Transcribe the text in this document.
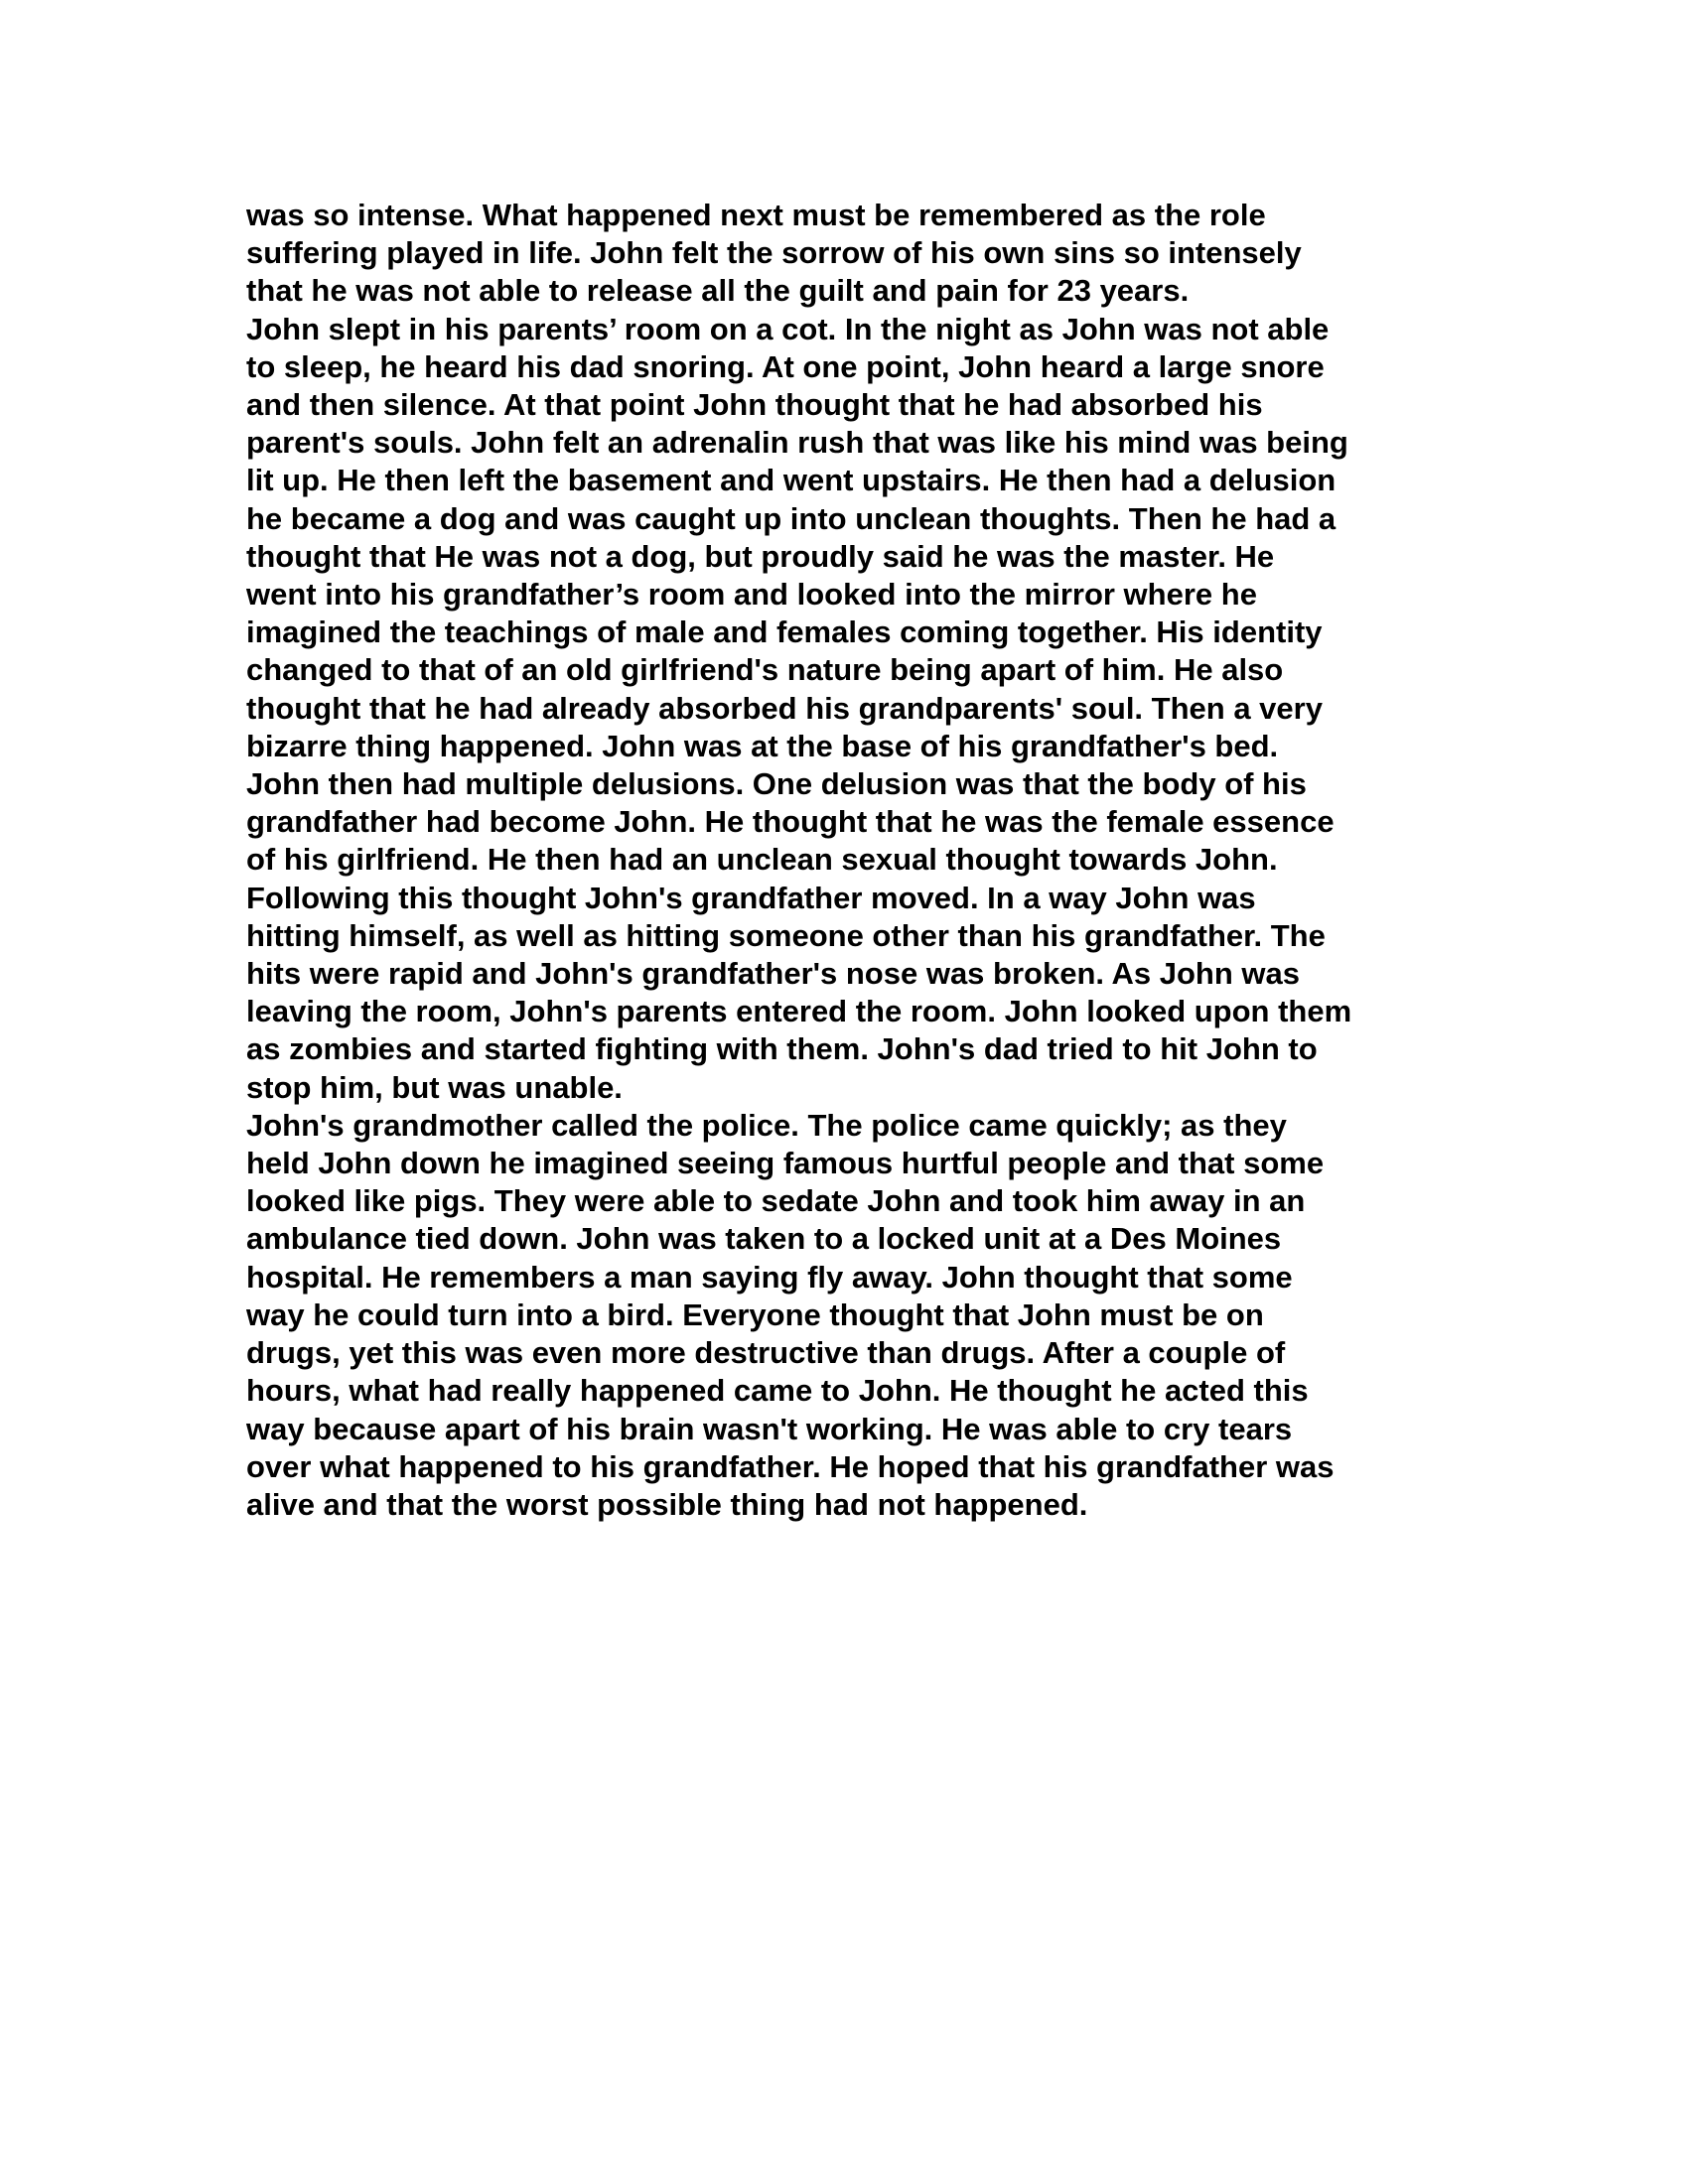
was so intense. What happened next must be remembered as the role
suffering played in life. John felt the sorrow of his own sins so intensely
that he was not able to release all the guilt and pain for 23 years.
John slept in his parents’ room on a cot. In the night as John was not able
to sleep, he heard his dad snoring. At one point, John heard a large snore
and then silence. At that point John thought that he had absorbed his
parent's souls. John felt an adrenalin rush that was like his mind was being
lit up. He then left the basement and went upstairs. He then had a delusion
he became a dog and was caught up into unclean thoughts. Then he had a
thought that He was not a dog, but proudly said he was the master. He
went into his grandfather’s room and looked into the mirror where he
imagined the teachings of male and females coming together. His identity
changed to that of an old girlfriend's nature being apart of him. He also
thought that he had already absorbed his grandparents' soul. Then a very
bizarre thing happened. John was at the base of his grandfather's bed.
John then had multiple delusions. One delusion was that the body of his
grandfather had become John. He thought that he was the female essence
of his girlfriend. He then had an unclean sexual thought towards John.
Following this thought John's grandfather moved. In a way John was
hitting himself, as well as hitting someone other than his grandfather. The
hits were rapid and John's grandfather's nose was broken. As John was
leaving the room, John's parents entered the room. John looked upon them
as zombies and started fighting with them. John's dad tried to hit John to
stop him, but was unable.
John's grandmother called the police. The police came quickly; as they
held John down he imagined seeing famous hurtful people and that some
looked like pigs. They were able to sedate John and took him away in an
ambulance tied down. John was taken to a locked unit at a Des Moines
hospital. He remembers a man saying fly away. John thought that some
way he could turn into a bird. Everyone thought that John must be on
drugs, yet this was even more destructive than drugs. After a couple of
hours, what had really happened came to John. He thought he acted this
way because apart of his brain wasn't working. He was able to cry tears
over what happened to his grandfather. He hoped that his grandfather was
alive and that the worst possible thing had not happened.
